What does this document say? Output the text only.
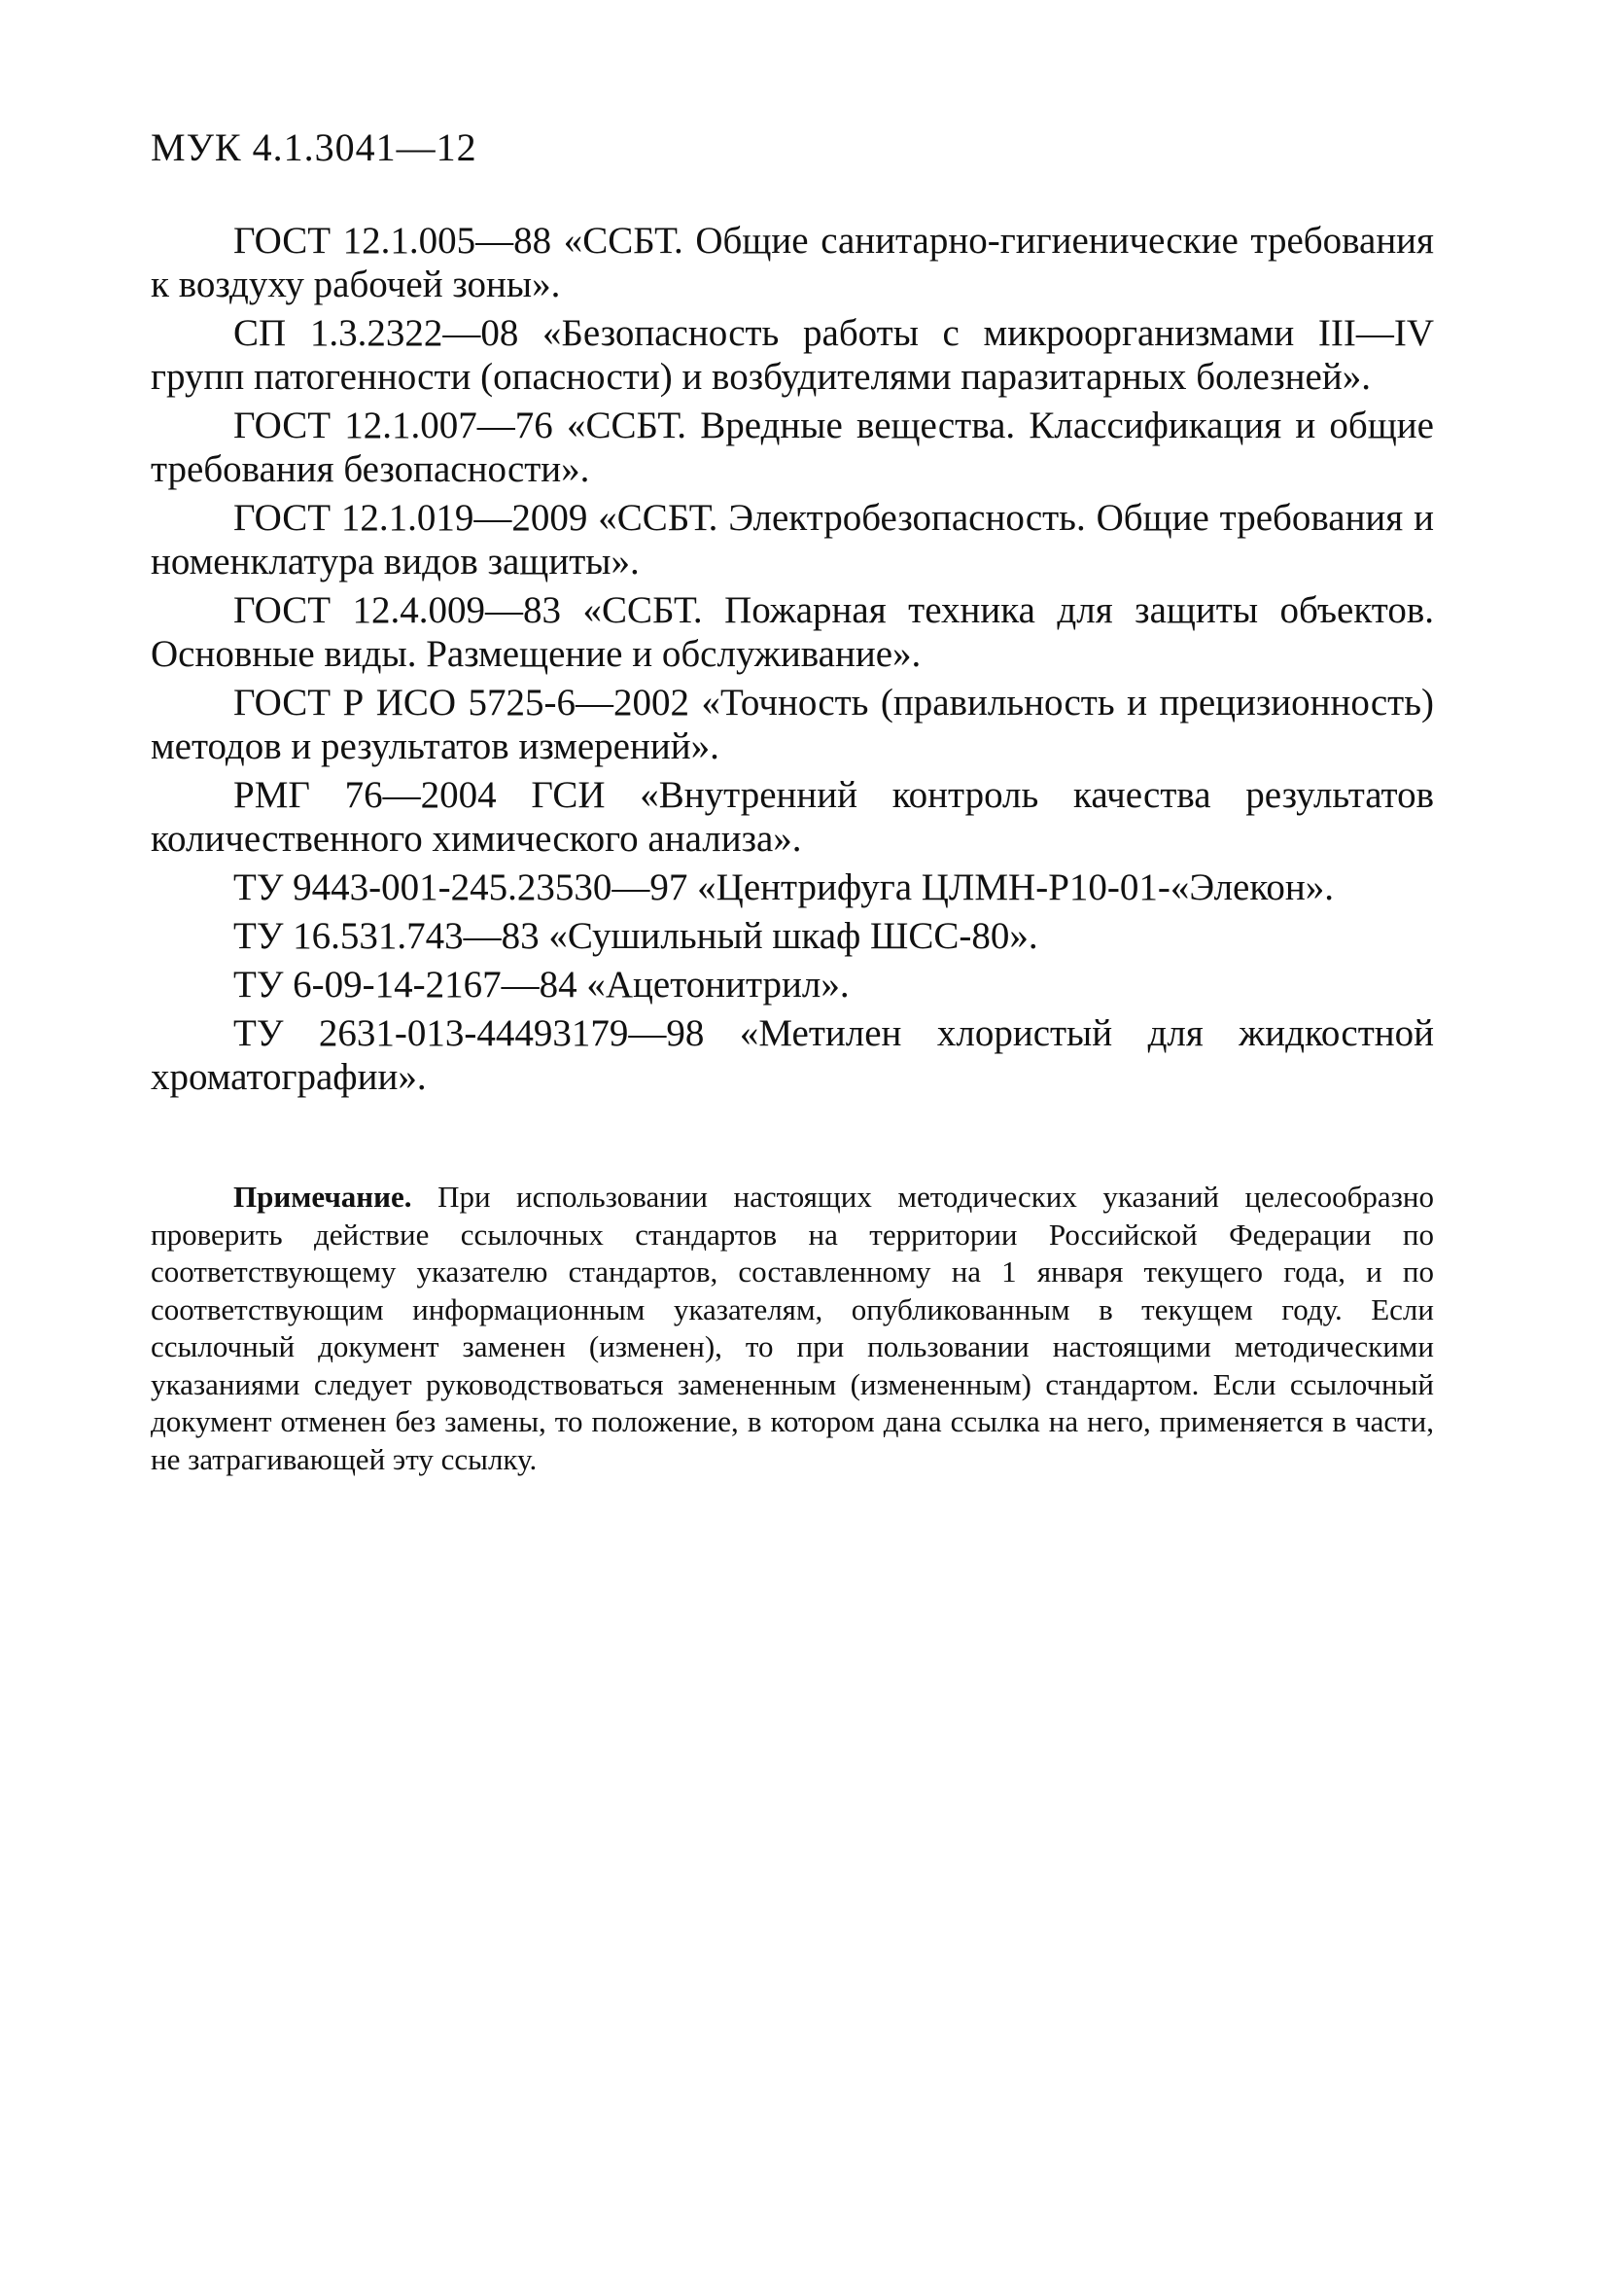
МУК 4.1.3041—12

ГОСТ 12.1.005—88 «ССБТ. Общие санитарно-гигиенические требования к воздуху рабочей зоны».

СП 1.3.2322—08 «Безопасность работы с микроорганизмами III—IV групп патогенности (опасности) и возбудителями паразитарных болезней».

ГОСТ 12.1.007—76 «ССБТ. Вредные вещества. Классификация и общие требования безопасности».

ГОСТ 12.1.019—2009 «ССБТ. Электробезопасность. Общие требования и номенклатура видов защиты».

ГОСТ 12.4.009—83 «ССБТ. Пожарная техника для защиты объектов. Основные виды. Размещение и обслуживание».

ГОСТ Р ИСО 5725-6—2002 «Точность (правильность и прецизионность) методов и результатов измерений».

РМГ 76—2004 ГСИ «Внутренний контроль качества результатов количественного химического анализа».

ТУ 9443-001-245.23530—97 «Центрифуга ЦЛМН-Р10-01-«Элекон».

ТУ 16.531.743—83 «Сушильный шкаф ШСС-80».

ТУ 6-09-14-2167—84 «Ацетонитрил».

ТУ 2631-013-44493179—98 «Метилен хлористый для жидкостной хроматографии».

Примечание. При использовании настоящих методических указаний целесообразно проверить действие ссылочных стандартов на территории Российской Федерации по соответствующему указателю стандартов, составленному на 1 января текущего года, и по соответствующим информационным указателям, опубликованным в текущем году. Если ссылочный документ заменен (изменен), то при пользовании настоящими методическими указаниями следует руководствоваться замененным (измененным) стандартом. Если ссылочный документ отменен без замены, то положение, в котором дана ссылка на него, применяется в части, не затрагивающей эту ссылку.
